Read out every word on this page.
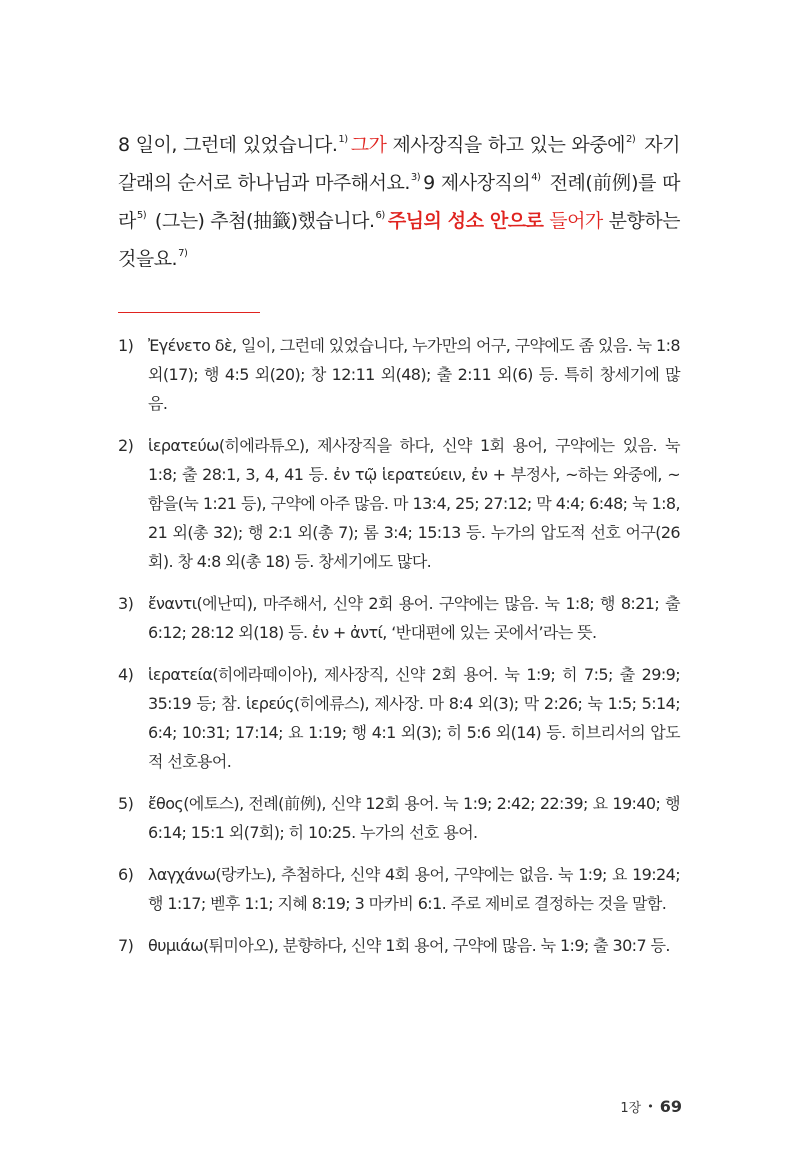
8 일이, 그런데 있었습니다.$^{1)}$ 그가 제사장직을 하고 있는 와중에$^{2)}$ 자기 갈래의 순서로 하나님과 마주해서요.$^{3)}$ 9 제사장직의$^{4)}$ 전례(前例)를 따라$^{5)}$ (그는) 추첨(抽籤)했습니다.$^{6)}$ 주님의 성소 안으로 들어가 분향하는 것을요.$^{7)}$

1) Ἐγένετο δὲ, 일이, 그런데 있었습니다, 누가만의 어구, 구약에도 좀 있음. 눅 1:8 외(17); 행 4:5 외(20); 창 12:11 외(48); 출 2:11 외(6) 등. 특히 창세기에 많음.
2) ἱερατεύω(히에라튜오), 제사장직을 하다, 신약 1회 용어, 구약에는 있음. 눅 1:8; 출 28:1, 3, 4, 41 등. ἐν τῷ ἱερατεύειν, ἐν + 부정사, ~하는 와중에, ~함을(눅 1:21 등), 구약에 아주 많음. 마 13:4, 25; 27:12; 막 4:4; 6:48; 눅 1:8, 21 외(총 32); 행 2:1 외(총 7); 롬 3:4; 15:13 등. 누가의 압도적 선호 어구(26회). 창 4:8 외(총 18) 등. 창세기에도 많다.
3) ἔναντι(에난띠), 마주해서, 신약 2회 용어. 구약에는 많음. 눅 1:8; 행 8:21; 출 6:12; 28:12 외(18) 등. ἐν + ἀντί, ‘반대편에 있는 곳에서’라는 뜻.
4) ἱερατεία(히에라떼이아), 제사장직, 신약 2회 용어. 눅 1:9; 히 7:5; 출 29:9; 35:19 등; 참. ἱερεύς(히에류스), 제사장. 마 8:4 외(3); 막 2:26; 눅 1:5; 5:14; 6:4; 10:31; 17:14; 요 1:19; 행 4:1 외(3); 히 5:6 외(14) 등. 히브리서의 압도적 선호용어.
5) ἔθος(에토스), 전례(前例), 신약 12회 용어. 눅 1:9; 2:42; 22:39; 요 19:40; 행 6:14; 15:1 외(7회); 히 10:25. 누가의 선호 용어.
6) λαγχάνω(랑카노), 추첨하다, 신약 4회 용어, 구약에는 없음. 눅 1:9; 요 19:24; 행 1:17; 벧후 1:1; 지혜 8:19; 3 마카비 6:1. 주로 제비로 결정하는 것을 말함.
7) θυμιάω(튀미아오), 분향하다, 신약 1회 용어, 구약에 많음. 눅 1:9; 출 30:7 등.
1장 • 69
